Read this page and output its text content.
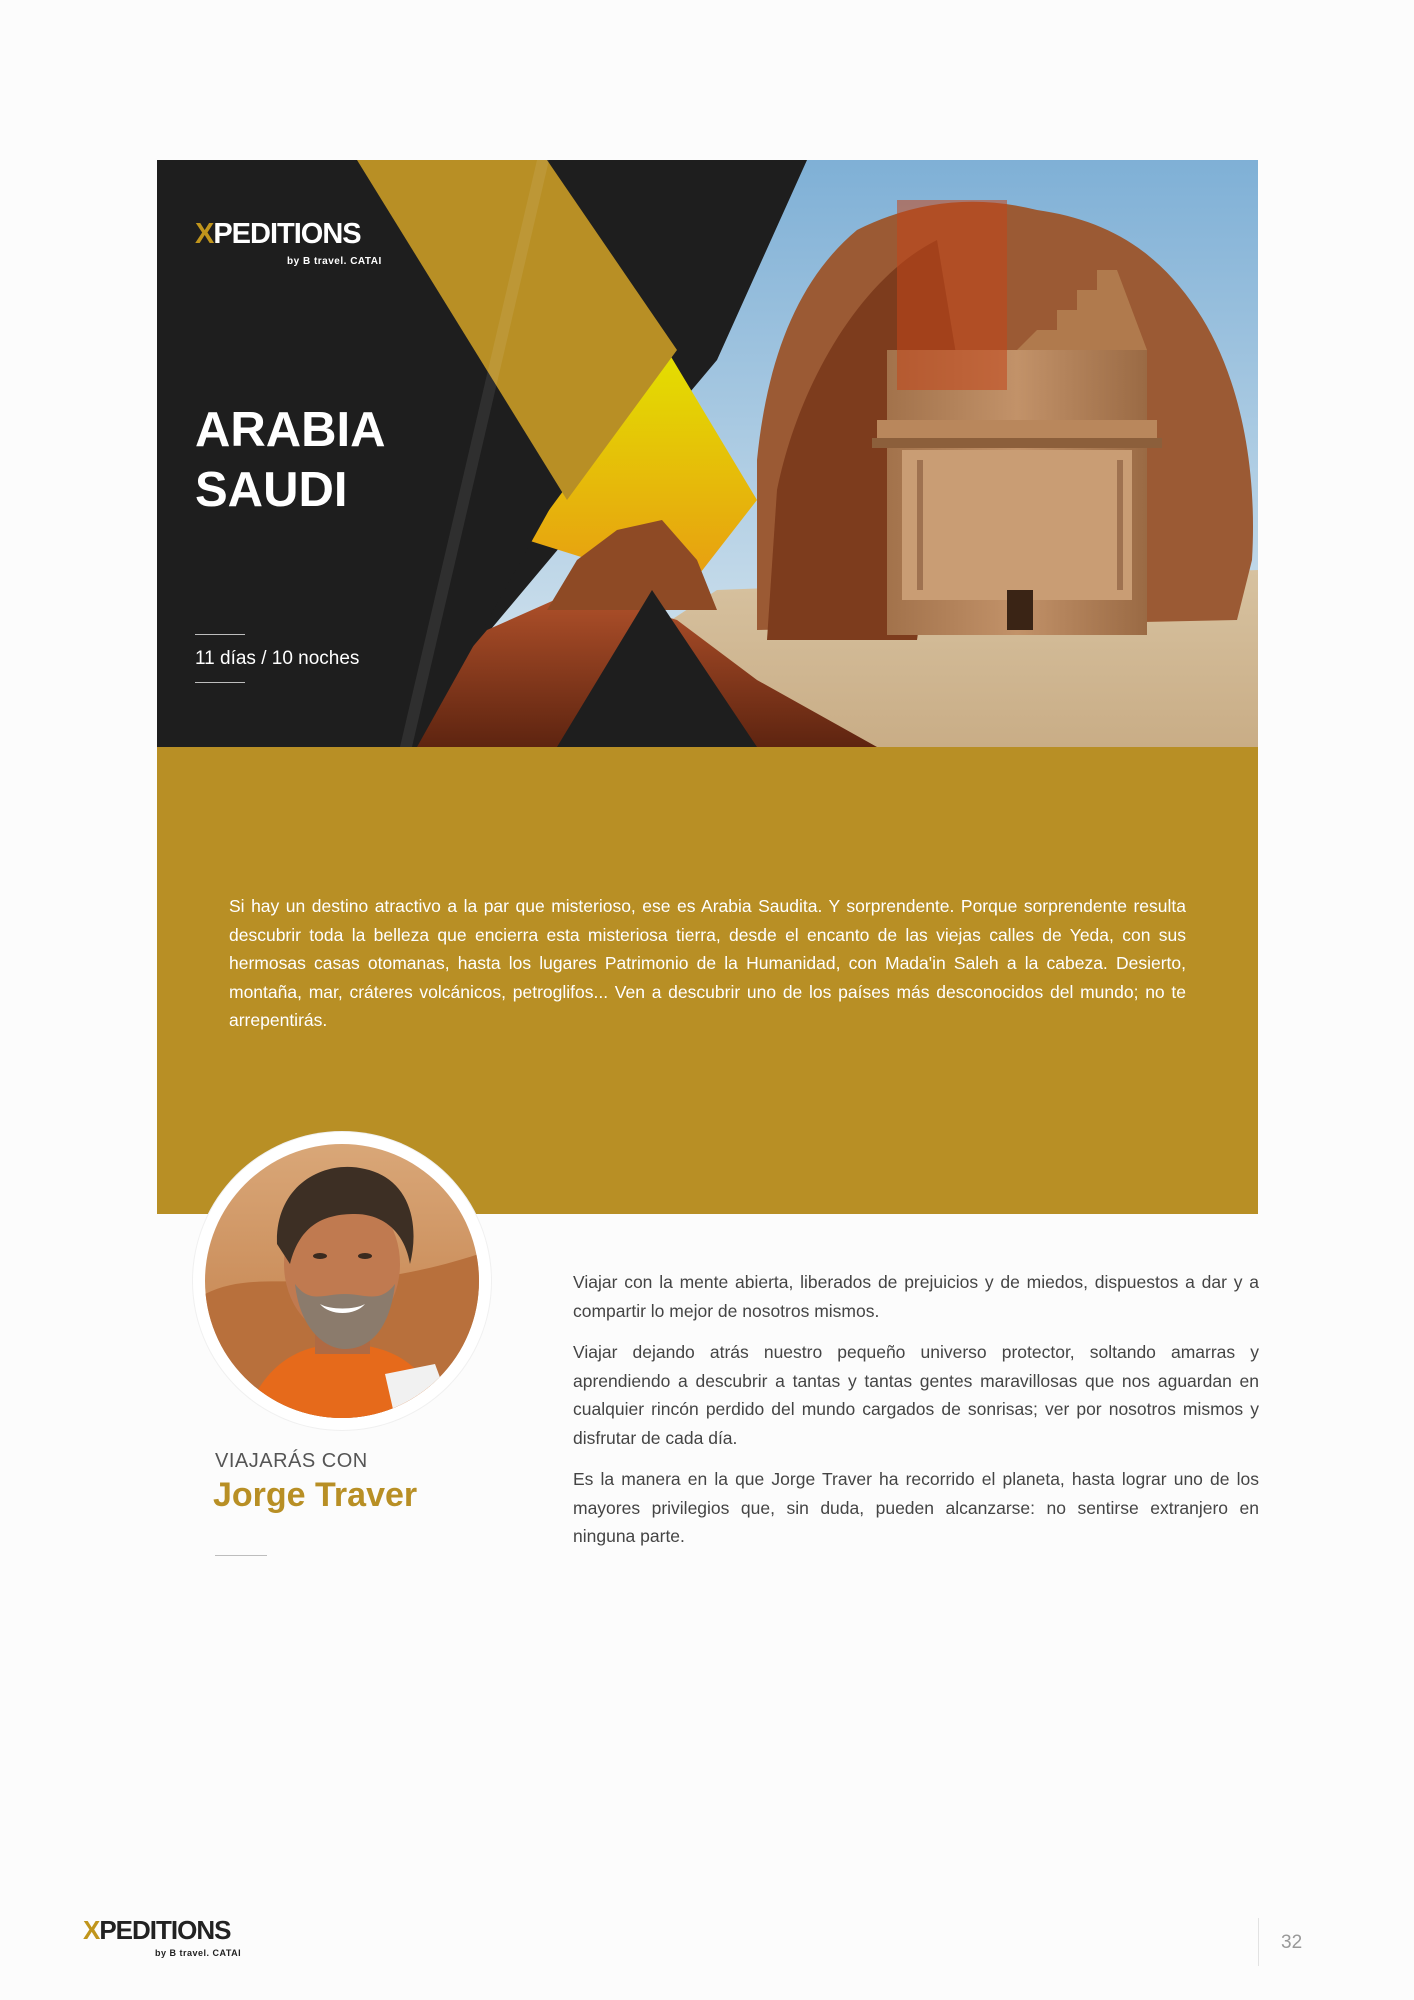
XPEDITIONS
by B travel. CATAI
ARABIA
SAUDI
11 días / 10 noches

Si hay un destino atractivo a la par que misterioso, ese es Arabia Saudita. Y sorprendente. Porque sorprendente resulta descubrir toda la belleza que encierra esta misteriosa tierra, desde el encanto de las viejas calles de Yeda, con sus hermosas casas otomanas, hasta los lugares Patrimonio de la Humanidad, con Mada'in Saleh a la cabeza. Desierto, montaña, mar, cráteres volcánicos, petroglifos... Ven a descubrir uno de los países más desconocidos del mundo; no te arrepentirás.

VIAJARÁS CON
Jorge Traver

Viajar con la mente abierta, liberados de prejuicios y de miedos, dispuestos a dar y a compartir lo mejor de nosotros mismos.

Viajar dejando atrás nuestro pequeño universo protector, soltando amarras y aprendiendo a descubrir a tantas y tantas gentes maravillosas que nos aguardan en cualquier rincón perdido del mundo cargados de sonrisas; ver por nosotros mismos y disfrutar de cada día.

Es la manera en la que Jorge Traver ha recorrido el planeta, hasta lograr uno de los mayores privilegios que, sin duda, pueden alcanzarse: no sentirse extranjero en ninguna parte.

XPEDITIONS
by B travel. CATAI	32
